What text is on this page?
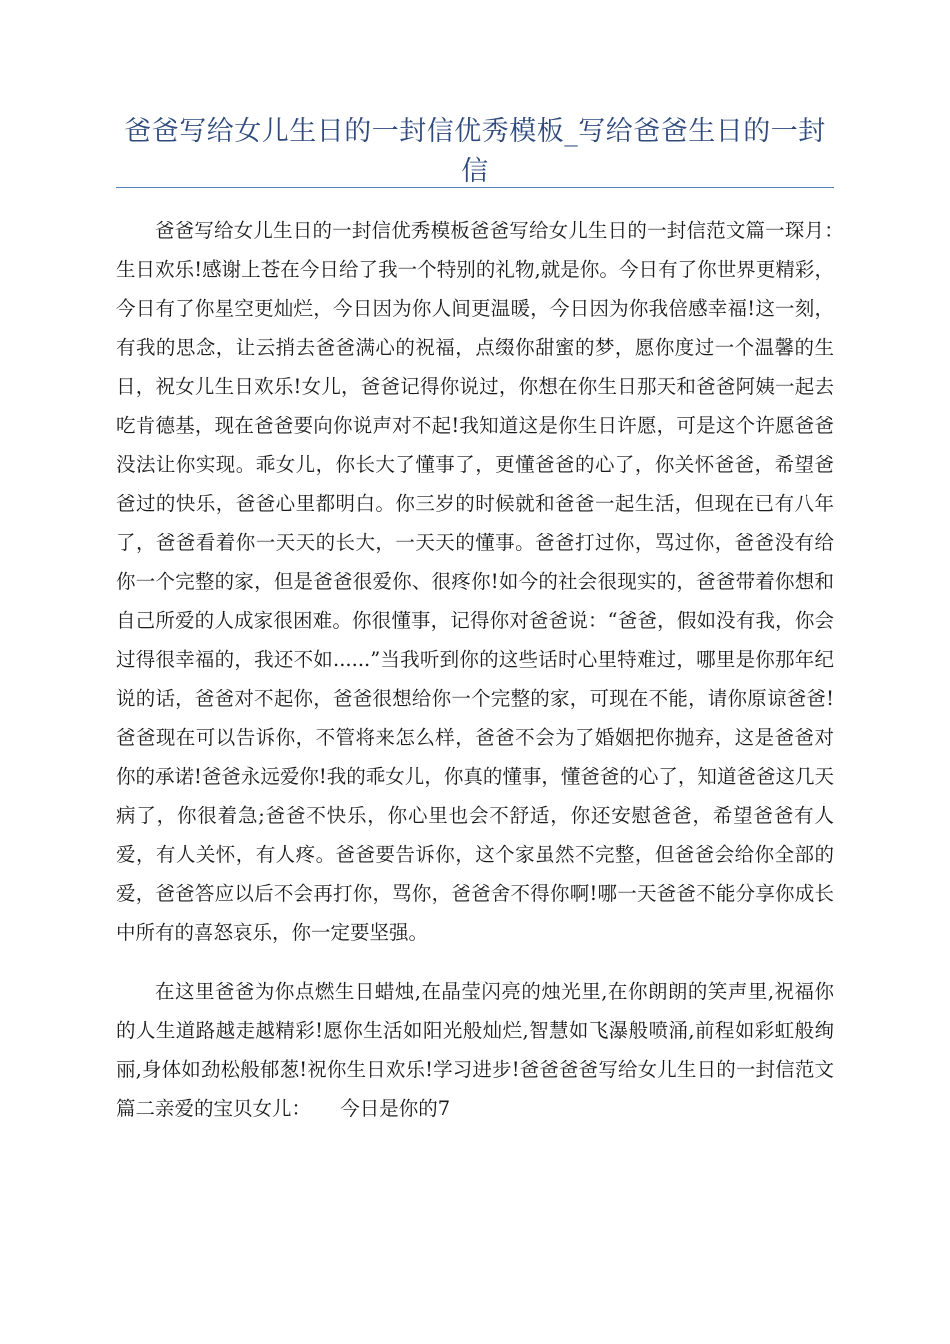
爸爸写给女儿生日的一封信优秀模板_写给爸爸生日的一封信

爸爸写给女儿生日的一封信优秀模板爸爸写给女儿生日的一封信范文篇一琛月：　　生日欢乐!感谢上苍在今日给了我一个特别的礼物,就是你。今日有了你世界更精彩，今日有了你星空更灿烂，今日因为你人间更温暖，今日因为你我倍感幸福!这一刻，有我的思念，让云捎去爸爸满心的祝福，点缀你甜蜜的梦，愿你度过一个温馨的生日，祝女儿生日欢乐!女儿，爸爸记得你说过，你想在你生日那天和爸爸阿姨一起去吃肯德基，现在爸爸要向你说声对不起!我知道这是你生日许愿，可是这个许愿爸爸没法让你实现。乖女儿，你长大了懂事了，更懂爸爸的心了，你关怀爸爸，希望爸爸过的快乐，爸爸心里都明白。你三岁的时候就和爸爸一起生活，但现在已有八年了，爸爸看着你一天天的长大，一天天的懂事。爸爸打过你，骂过你，爸爸没有给你一个完整的家，但是爸爸很爱你、很疼你!如今的社会很现实的，爸爸带着你想和自己所爱的人成家很困难。你很懂事，记得你对爸爸说：“爸爸，假如没有我，你会过得很幸福的，我还不如......”当我听到你的这些话时心里特难过，哪里是你那年纪说的话，爸爸对不起你，爸爸很想给你一个完整的家，可现在不能，请你原谅爸爸!爸爸现在可以告诉你，不管将来怎么样，爸爸不会为了婚姻把你抛弃，这是爸爸对你的承诺!爸爸永远爱你!我的乖女儿，你真的懂事，懂爸爸的心了，知道爸爸这几天病了，你很着急;爸爸不快乐，你心里也会不舒适，你还安慰爸爸，希望爸爸有人爱，有人关怀，有人疼。爸爸要告诉你，这个家虽然不完整，但爸爸会给你全部的爱，爸爸答应以后不会再打你，骂你，爸爸舍不得你啊!哪一天爸爸不能分享你成长中所有的喜怒哀乐，你一定要坚强。

在这里爸爸为你点燃生日蜡烛,在晶莹闪亮的烛光里,在你朗朗的笑声里,祝福你的人生道路越走越精彩!愿你生活如阳光般灿烂,智慧如飞瀑般喷涌,前程如彩虹般绚丽,身体如劲松般郁葱!祝你生日欢乐!学习进步!爸爸爸爸写给女儿生日的一封信范文篇二亲爱的宝贝女儿：　　今日是你的7
